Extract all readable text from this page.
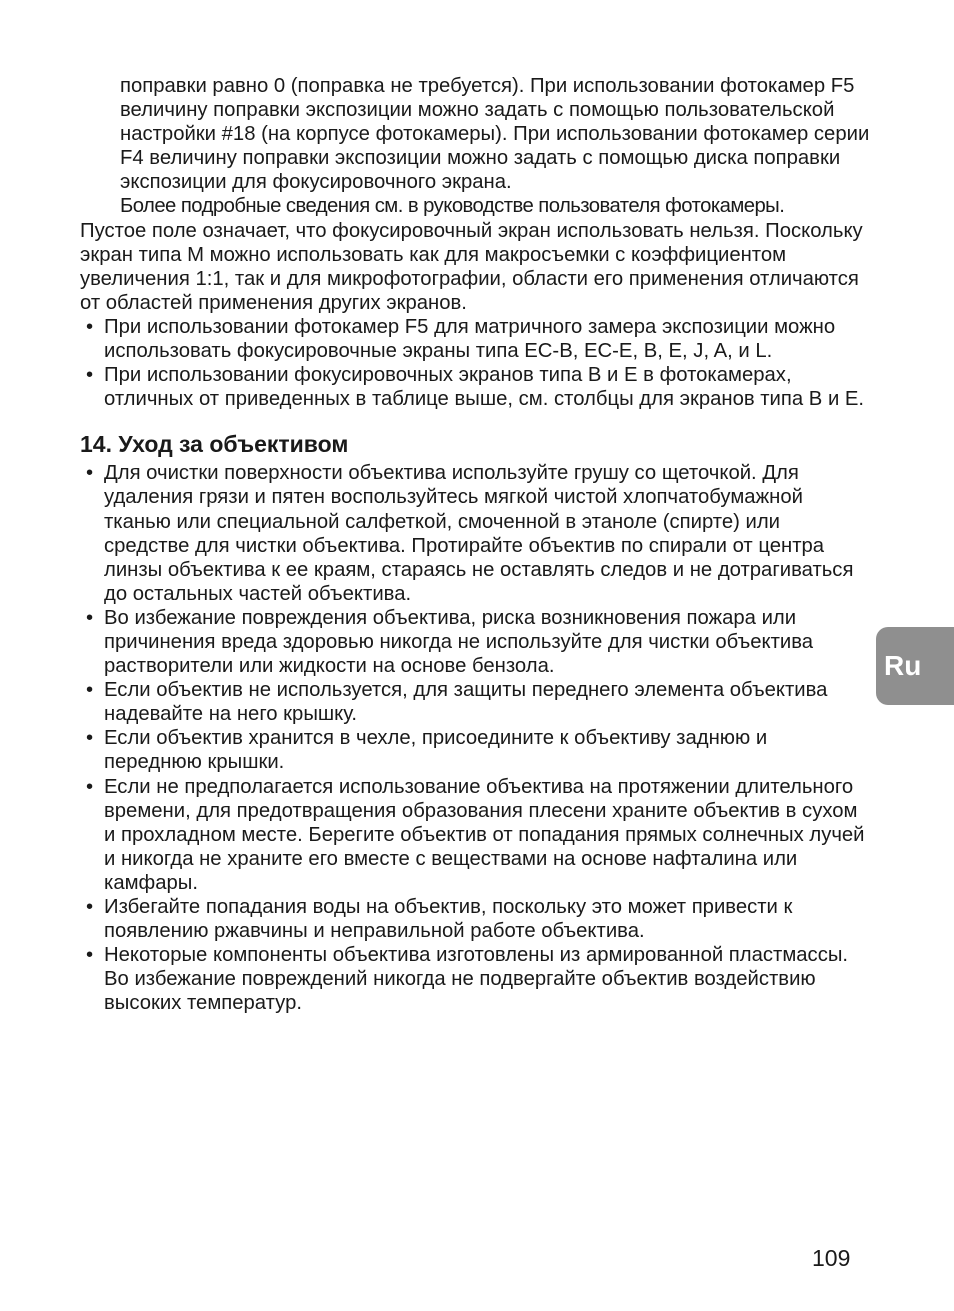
поправки равно 0 (поправка не требуется). При использовании фотокамер F5 величину поправки экспозиции можно задать с помощью пользовательской настройки #18 (на корпусе фотокамеры). При использовании фотокамер серии F4 величину поправки экспозиции можно задать с помощью диска поправки экспозиции для фокусировочного экрана.

Более подробные сведения см. в руководстве пользователя фотокамеры.

Пустое поле означает, что фокусировочный экран использовать нельзя. Поскольку экран типа M можно использовать как для макросъемки с коэффициентом увеличения 1:1, так и для микрофотографии, области его применения отличаются от областей применения других экранов.

• При использовании фотокамер F5 для матричного замера экспозиции можно использовать фокусировочные экраны типа EC-B, EC-E, B, E, J, A, и L.
• При использовании фокусировочных экранов типа B и E в фотокамерах, отличных от приведенных в таблице выше, см. столбцы для экранов типа B и E.
14. Уход за объективом
• Для очистки поверхности объектива используйте грушу со щеточкой. Для удаления грязи и пятен воспользуйтесь мягкой чистой хлопчатобумажной тканью или специальной салфеткой, смоченной в этаноле (спирте) или средстве для чистки объектива. Протирайте объектив по спирали от центра линзы объектива к ее краям, стараясь не оставлять следов и не дотрагиваться до остальных частей объектива.
• Во избежание повреждения объектива, риска возникновения пожара или причинения вреда здоровью никогда не используйте для чистки объектива растворители или жидкости на основе бензола.
• Если объектив не используется, для защиты переднего элемента объектива надевайте на него крышку.
• Если объектив хранится в чехле, присоедините к объективу заднюю и переднюю крышки.
• Если не предполагается использование объектива на протяжении длительного времени, для предотвращения образования плесени храните объектив в сухом и прохладном месте. Берегите объектив от попадания прямых солнечных лучей и никогда не храните его вместе с веществами на основе нафталина или камфары.
• Избегайте попадания воды на объектив, поскольку это может привести к появлению ржавчины и неправильной работе объектива.
• Некоторые компоненты объектива изготовлены из армированной пластмассы. Во избежание повреждений никогда не подвергайте объектив воздействию высоких температур.
Ru
109
